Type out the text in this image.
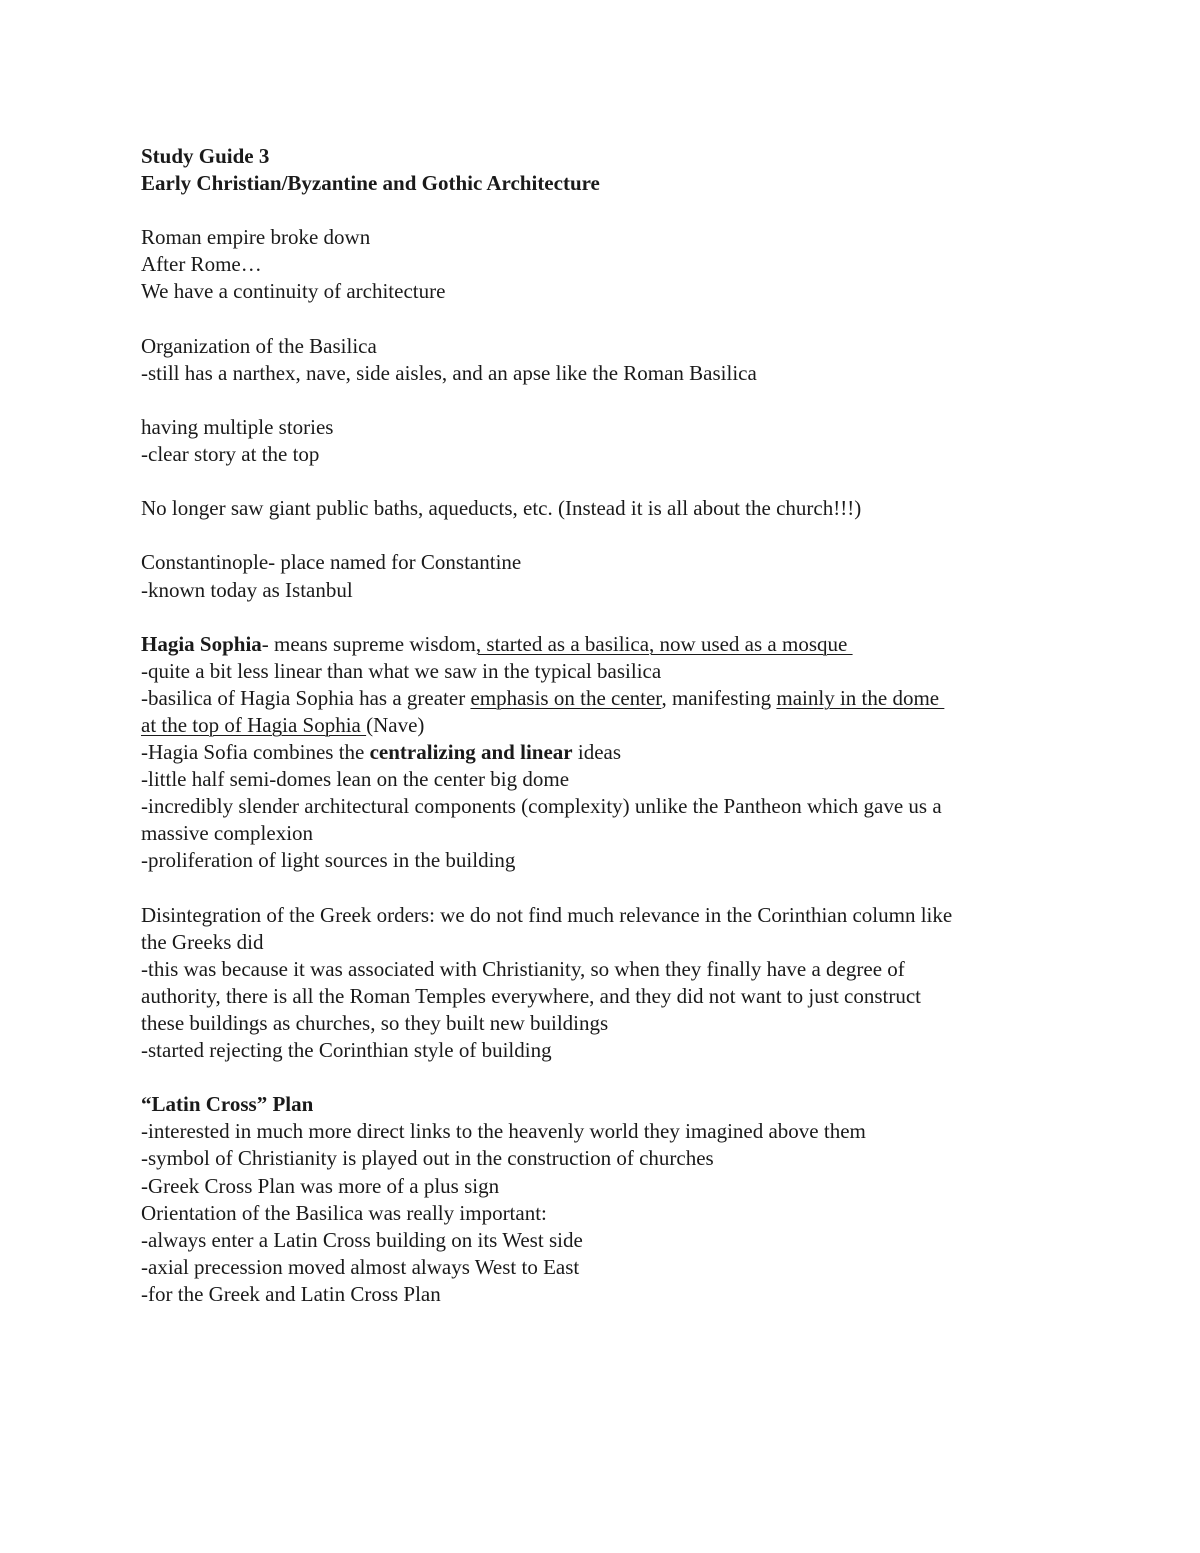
Study Guide 3
Early Christian/Byzantine and Gothic Architecture
Roman empire broke down
After Rome…
We have a continuity of architecture
Organization of the Basilica
-still has a narthex, nave, side aisles, and an apse like the Roman Basilica
having multiple stories
-clear story at the top
No longer saw giant public baths, aqueducts, etc. (Instead it is all about the church!!!)
Constantinople- place named for Constantine
-known today as Istanbul
Hagia Sophia- means supreme wisdom, started as a basilica, now used as a mosque
-quite a bit less linear than what we saw in the typical basilica
-basilica of Hagia Sophia has a greater emphasis on the center, manifesting mainly in the dome
at the top of Hagia Sophia (Nave)
-Hagia Sofia combines the centralizing and linear ideas
-little half semi-domes lean on the center big dome
-incredibly slender architectural components (complexity) unlike the Pantheon which gave us a
massive complexion
-proliferation of light sources in the building
Disintegration of the Greek orders: we do not find much relevance in the Corinthian column like
the Greeks did
-this was because it was associated with Christianity, so when they finally have a degree of
authority, there is all the Roman Temples everywhere, and they did not want to just construct
these buildings as churches, so they built new buildings
-started rejecting the Corinthian style of building
“Latin Cross” Plan
-interested in much more direct links to the heavenly world they imagined above them
-symbol of Christianity is played out in the construction of churches
-Greek Cross Plan was more of a plus sign
Orientation of the Basilica was really important:
-always enter a Latin Cross building on its West side
-axial precession moved almost always West to East
-for the Greek and Latin Cross Plan
